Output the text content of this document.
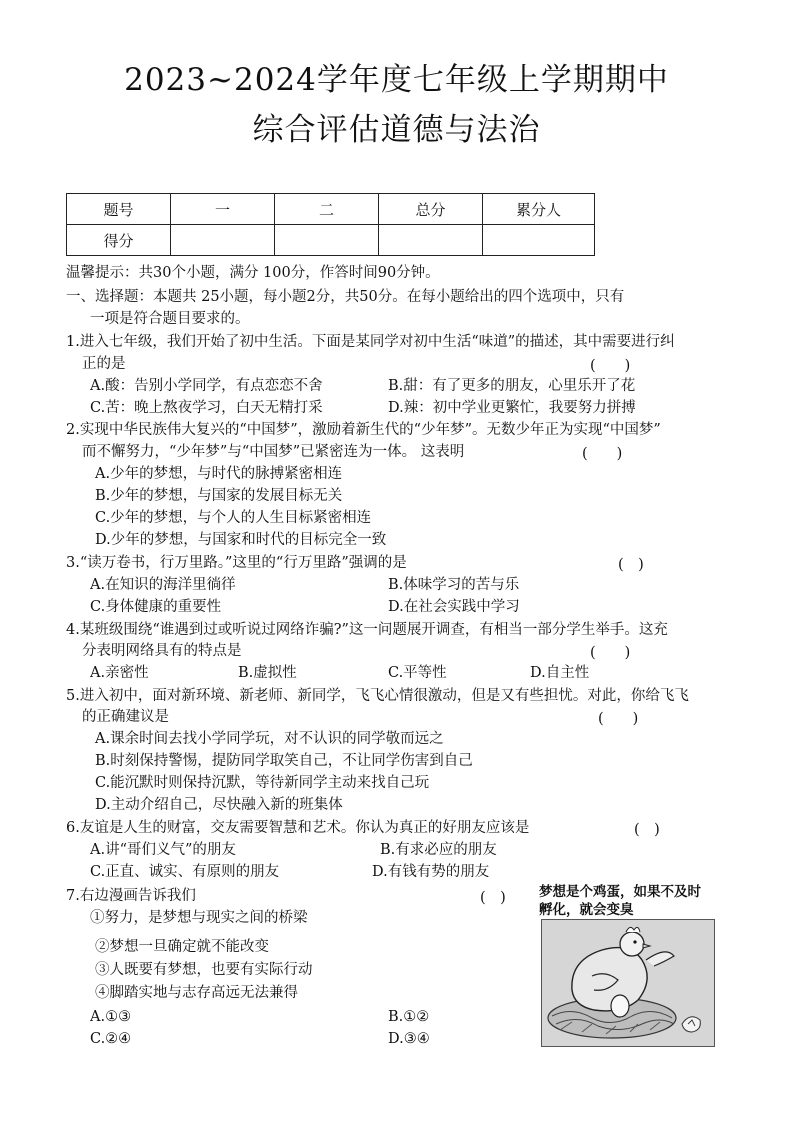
2023~2024学年度七年级上学期期中
综合评估道德与法治
题号	一	二	总分	累分人
得分				
温馨提示：共30个小题，满分 100分，作答时间90分钟。
一、选择题：本题共 25小题，每小题2分，共50分。在每小题给出的四个选项中，只有
一项是符合题目要求的。
1.进入七年级，我们开始了初中生活。下面是某同学对初中生活“味道”的描述，其中需要进行纠
正的是	(　　)
A.酸：告别小学同学，有点恋恋不舍	B.甜：有了更多的朋友，心里乐开了花
C.苦：晚上熬夜学习，白天无精打采	D.辣：初中学业更繁忙，我要努力拼搏
2.实现中华民族伟大复兴的“中国梦”，激励着新生代的“少年梦”。无数少年正为实现“中国梦”
而不懈努力，“少年梦”与“中国梦”已紧密连为一体。 这表明	(　　)
A.少年的梦想，与时代的脉搏紧密相连
B.少年的梦想，与国家的发展目标无关
C.少年的梦想，与个人的人生目标紧密相连
D.少年的梦想，与国家和时代的目标完全一致
3.“读万卷书，行万里路。”这里的“行万里路”强调的是	(　)
A.在知识的海洋里徜徉	B.体味学习的苦与乐
C.身体健康的重要性	D.在社会实践中学习
4.某班级围绕“谁遇到过或听说过网络诈骗?”这一问题展开调查，有相当一部分学生举手。这充
分表明网络具有的特点是	(　　)
A.亲密性	B.虚拟性	C.平等性	D.自主性
5.进入初中，面对新环境、新老师、新同学，飞飞心情很激动，但是又有些担忧。对此，你给飞飞
的正确建议是	(　　)
A.课余时间去找小学同学玩，对不认识的同学敬而远之
B.时刻保持警惕，提防同学取笑自己，不让同学伤害到自己
C.能沉默时则保持沉默，等待新同学主动来找自己玩
D.主动介绍自己，尽快融入新的班集体
6.友谊是人生的财富，交友需要智慧和艺术。你认为真正的好朋友应该是	(　)
A.讲“哥们义气”的朋友	B.有求必应的朋友
C.正直、诚实、有原则的朋友	D.有钱有势的朋友
7.右边漫画告诉我们	(　)
①努力，是梦想与现实之间的桥梁
②梦想一旦确定就不能改变
③人既要有梦想，也要有实际行动
④脚踏实地与志存高远无法兼得
A.①③	B.①②
C.②④	D.③④
梦想是个鸡蛋，如果不及时
孵化，就会变臭
